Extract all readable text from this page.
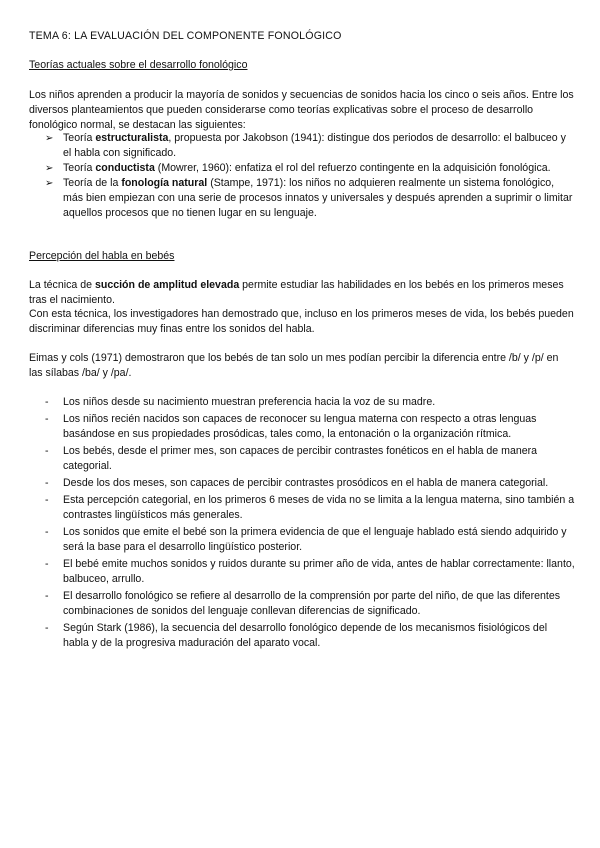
TEMA 6: LA EVALUACIÓN DEL COMPONENTE FONOLÓGICO
Teorías actuales sobre el desarrollo fonológico

Los niños aprenden a producir la mayoría de sonidos y secuencias de sonidos hacia los cinco o seis años. Entre los diversos planteamientos que pueden considerarse como teorías explicativas sobre el proceso de desarrollo fonológico normal, se destacan las siguientes:

➢ Teoría estructuralista, propuesta por Jakobson (1941): distingue dos periodos de desarrollo: el balbuceo y el habla con significado.
➢ Teoría conductista (Mowrer, 1960): enfatiza el rol del refuerzo contingente en la adquisición fonológica.
➢ Teoría de la fonología natural (Stampe, 1971): los niños no adquieren realmente un sistema fonológico, más bien empiezan con una serie de procesos innatos y universales y después aprenden a suprimir o limitar aquellos procesos que no tienen lugar en su lenguaje.
Percepción del habla en bebés

La técnica de succión de amplitud elevada permite estudiar las habilidades en los bebés en los primeros meses tras el nacimiento.

Con esta técnica, los investigadores han demostrado que, incluso en los primeros meses de vida, los bebés pueden discriminar diferencias muy finas entre los sonidos del habla.

Eimas y cols (1971) demostraron que los bebés de tan solo un mes podían percibir la diferencia entre /b/ y /p/ en las sílabas /ba/ y /pa/.

- Los niños desde su nacimiento muestran preferencia hacia la voz de su madre.
- Los niños recién nacidos son capaces de reconocer su lengua materna con respecto a otras lenguas basándose en sus propiedades prosódicas, tales como, la entonación o la organización rítmica.
- Los bebés, desde el primer mes, son capaces de percibir contrastes fonéticos en el habla de manera categorial.
- Desde los dos meses, son capaces de percibir contrastes prosódicos en el habla de manera categorial.
- Esta percepción categorial, en los primeros 6 meses de vida no se limita a la lengua materna, sino también a contrastes lingüísticos más generales.
- Los sonidos que emite el bebé son la primera evidencia de que el lenguaje hablado está siendo adquirido y será la base para el desarrollo lingüístico posterior.
- El bebé emite muchos sonidos y ruidos durante su primer año de vida, antes de hablar correctamente: llanto, balbuceo, arrullo.
- El desarrollo fonológico se refiere al desarrollo de la comprensión por parte del niño, de que las diferentes combinaciones de sonidos del lenguaje conllevan diferencias de significado.
- Según Stark (1986), la secuencia del desarrollo fonológico depende de los mecanismos fisiológicos del habla y de la progresiva maduración del aparato vocal.
